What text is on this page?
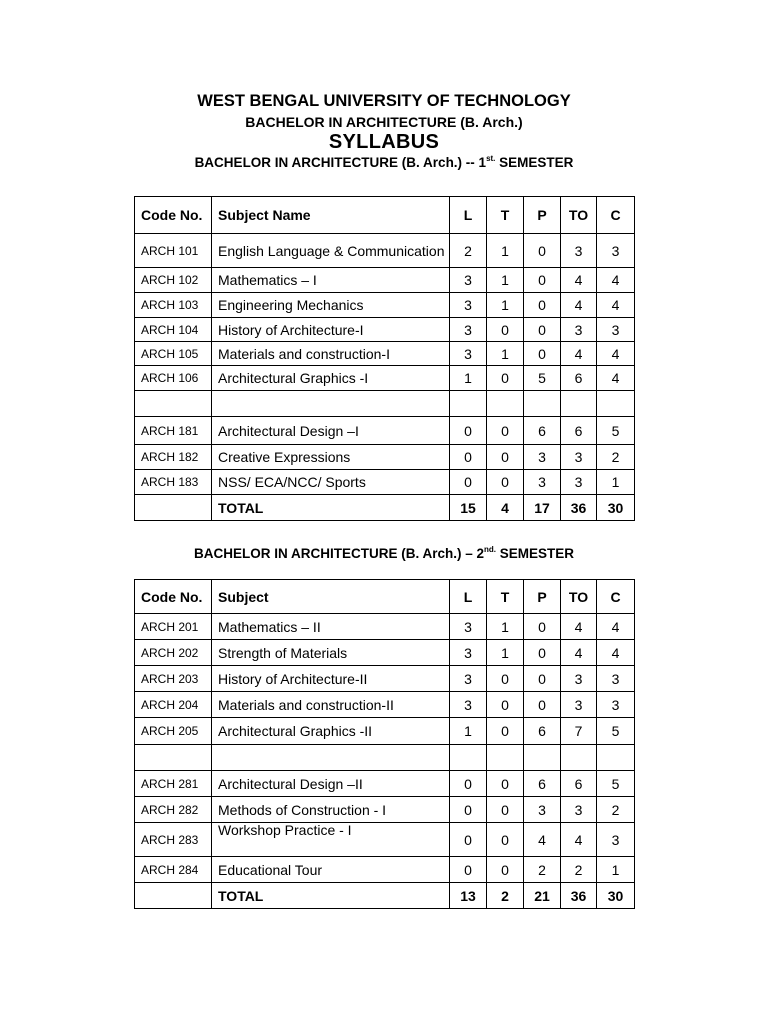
WEST BENGAL UNIVERSITY OF TECHNOLOGY
BACHELOR IN ARCHITECTURE (B. Arch.)
SYLLABUS
BACHELOR IN ARCHITECTURE (B. Arch.) -- $1^{st.}$ SEMESTER
Code No.	Subject Name	L	T	P	TO	C
ARCH 101	English Language & Communication	2	1	0	3	3
ARCH 102	Mathematics – I	3	1	0	4	4
ARCH 103	Engineering Mechanics	3	1	0	4	4
ARCH 104	History of Architecture-I	3	0	0	3	3
ARCH 105	Materials and construction-I	3	1	0	4	4
ARCH 106	Architectural Graphics -I	1	0	5	6	4

ARCH 181	Architectural Design –I	0	0	6	6	5
ARCH 182	Creative Expressions	0	0	3	3	2
ARCH 183	NSS/ ECA/NCC/ Sports	0	0	3	3	1
	TOTAL	15	4	17	36	30
BACHELOR IN ARCHITECTURE (B. Arch.) – $2^{nd.}$ SEMESTER
Code No.	Subject	L	T	P	TO	C
ARCH 201	Mathematics – II	3	1	0	4	4
ARCH 202	Strength of Materials	3	1	0	4	4
ARCH 203	History of Architecture-II	3	0	0	3	3
ARCH 204	Materials and construction-II	3	0	0	3	3
ARCH 205	Architectural Graphics -II	1	0	6	7	5

ARCH 281	Architectural Design –II	0	0	6	6	5
ARCH 282	Methods of Construction - I	0	0	3	3	2
ARCH 283	Workshop Practice - I	0	0	4	4	3
ARCH 284	Educational Tour	0	0	2	2	1
	TOTAL	13	2	21	36	30
